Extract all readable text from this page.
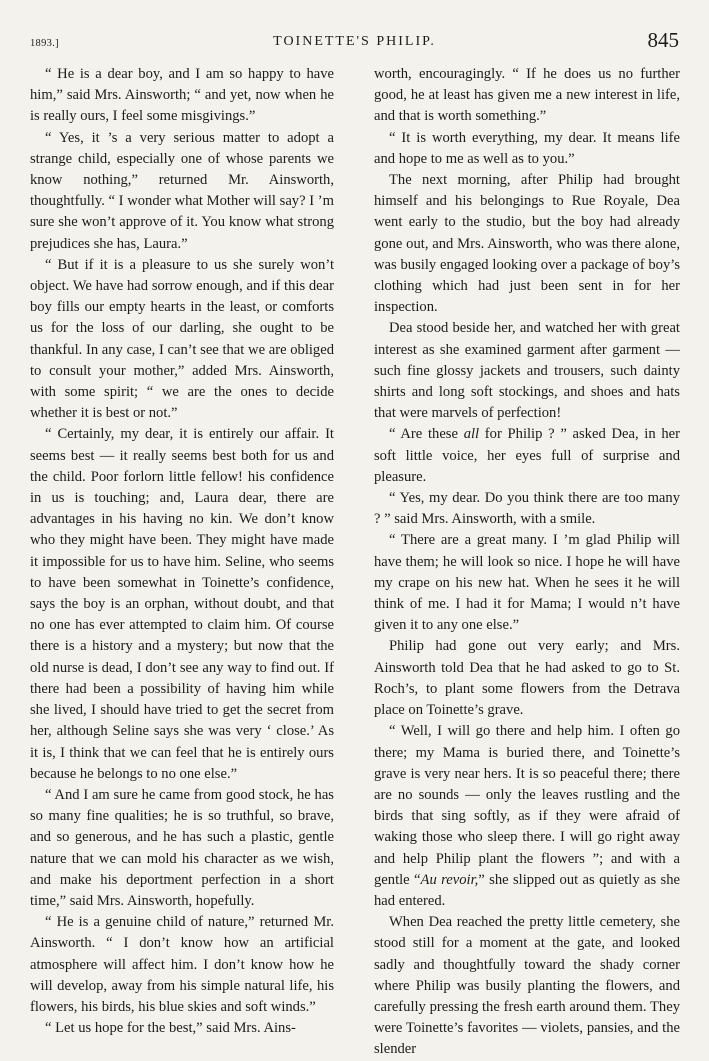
1893.]	TOINETTE'S PHILIP.	845

“ He is a dear boy, and I am so happy to have him,” said Mrs. Ainsworth; “ and yet, now when he is really ours, I feel some misgivings.”

“ Yes, it ’s a very serious matter to adopt a strange child, especially one of whose parents we know nothing,” returned Mr. Ainsworth, thoughtfully. “ I wonder what Mother will say? I ’m sure she won’t approve of it. You know what strong prejudices she has, Laura.”

“ But if it is a pleasure to us she surely won’t object. We have had sorrow enough, and if this dear boy fills our empty hearts in the least, or comforts us for the loss of our darling, she ought to be thankful. In any case, I can’t see that we are obliged to consult your mother,” added Mrs. Ainsworth, with some spirit; “ we are the ones to decide whether it is best or not.”

“ Certainly, my dear, it is entirely our affair. It seems best — it really seems best both for us and the child. Poor forlorn little fellow! his confidence in us is touching; and, Laura dear, there are advantages in his having no kin. We don’t know who they might have been. They might have made it impossible for us to have him. Seline, who seems to have been somewhat in Toinette’s confidence, says the boy is an orphan, without doubt, and that no one has ever attempted to claim him. Of course there is a history and a mystery; but now that the old nurse is dead, I don’t see any way to find out. If there had been a possibility of having him while she lived, I should have tried to get the secret from her, although Seline says she was very ‘ close.’ As it is, I think that we can feel that he is entirely ours because he belongs to no one else.”

“ And I am sure he came from good stock, he has so many fine qualities; he is so truthful, so brave, and so generous, and he has such a plastic, gentle nature that we can mold his character as we wish, and make his deportment perfection in a short time,” said Mrs. Ainsworth, hopefully.

“ He is a genuine child of nature,” returned Mr. Ainsworth. “ I don’t know how an artificial atmosphere will affect him. I don’t know how he will develop, away from his simple natural life, his flowers, his birds, his blue skies and soft winds.”

“ Let us hope for the best,” said Mrs. Ains-

worth, encouragingly. “ If he does us no further good, he at least has given me a new interest in life, and that is worth something.”

“ It is worth everything, my dear. It means life and hope to me as well as to you.”

The next morning, after Philip had brought himself and his belongings to Rue Royale, Dea went early to the studio, but the boy had already gone out, and Mrs. Ainsworth, who was there alone, was busily engaged looking over a package of boy’s clothing which had just been sent in for her inspection.

Dea stood beside her, and watched her with great interest as she examined garment after garment — such fine glossy jackets and trousers, such dainty shirts and long soft stockings, and shoes and hats that were marvels of perfection!

“ Are these all for Philip ? ” asked Dea, in her soft little voice, her eyes full of surprise and pleasure.

“ Yes, my dear. Do you think there are too many ? ” said Mrs. Ainsworth, with a smile.

“ There are a great many. I ’m glad Philip will have them; he will look so nice. I hope he will have my crape on his new hat. When he sees it he will think of me. I had it for Mama; I would n’t have given it to any one else.”

Philip had gone out very early; and Mrs. Ainsworth told Dea that he had asked to go to St. Roch’s, to plant some flowers from the Detrava place on Toinette’s grave.

“ Well, I will go there and help him. I often go there; my Mama is buried there, and Toinette’s grave is very near hers. It is so peaceful there; there are no sounds — only the leaves rustling and the birds that sing softly, as if they were afraid of waking those who sleep there. I will go right away and help Philip plant the flowers ”; and with a gentle “Au revoir,” she slipped out as quietly as she had entered.

When Dea reached the pretty little cemetery, she stood still for a moment at the gate, and looked sadly and thoughtfully toward the shady corner where Philip was busily planting the flowers, and carefully pressing the fresh earth around them. They were Toinette’s favorites — violets, pansies, and the slender
